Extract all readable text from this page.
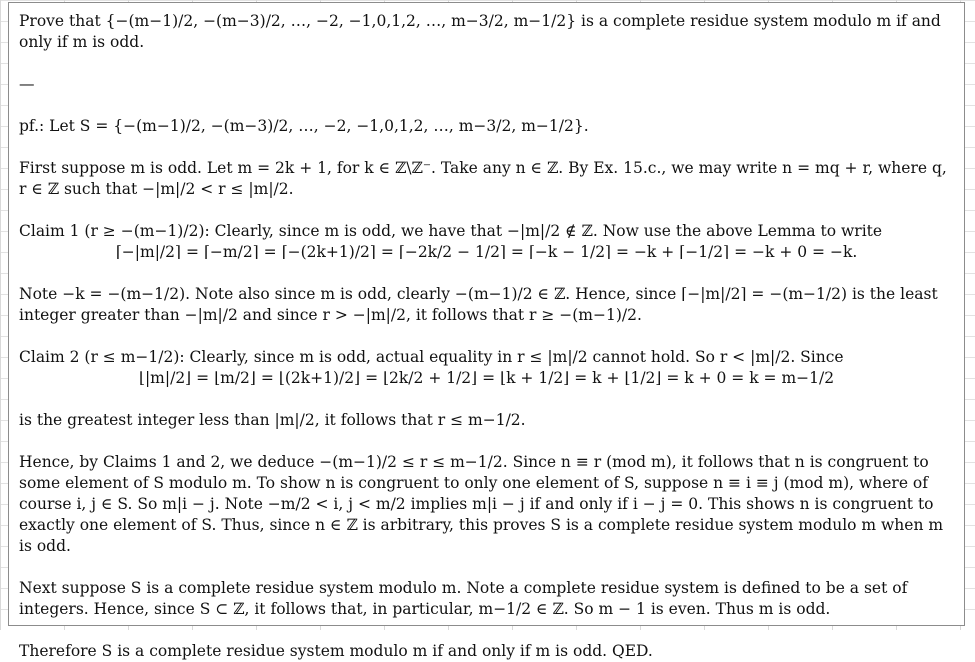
Prove that {−(m−1)/2, −(m−3)/2, …, −2, −1,0,1,2, …, m−3/2, m−1/2} is a complete residue system modulo m if and only if m is odd.

—

pf.: Let S = {−(m−1)/2, −(m−3)/2, …, −2, −1,0,1,2, …, m−3/2, m−1/2}.

First suppose m is odd. Let m = 2k + 1, for k ∈ ℤ\ℤ⁻. Take any n ∈ ℤ. By Ex. 15.c., we may write n = mq + r, where q, r ∈ ℤ such that −|m|/2 < r ≤ |m|/2.

Claim 1 (r ≥ −(m−1)/2): Clearly, since m is odd, we have that −|m|/2 ∉ ℤ. Now use the above Lemma to write

⌈−|m|/2⌉ = ⌈−m/2⌉ = ⌈−(2k+1)/2⌉ = ⌈−2k/2 − 1/2⌉ = ⌈−k − 1/2⌉ = −k + ⌈−1/2⌉ = −k + 0 = −k.

Note −k = −(m−1/2). Note also since m is odd, clearly −(m−1)/2 ∈ ℤ. Hence, since ⌈−|m|/2⌉ = −(m−1/2) is the least integer greater than −|m|/2 and since r > −|m|/2, it follows that r ≥ −(m−1)/2.

Claim 2 (r ≤ m−1/2): Clearly, since m is odd, actual equality in r ≤ |m|/2 cannot hold. So r < |m|/2. Since

⌊|m|/2⌋ = ⌊m/2⌋ = ⌊(2k+1)/2⌋ = ⌊2k/2 + 1/2⌋ = ⌊k + 1/2⌋ = k + ⌊1/2⌋ = k + 0 = k = m−1/2

is the greatest integer less than |m|/2, it follows that r ≤ m−1/2.

Hence, by Claims 1 and 2, we deduce −(m−1)/2 ≤ r ≤ m−1/2. Since n ≡ r (mod m), it follows that n is congruent to some element of S modulo m. To show n is congruent to only one element of S, suppose n ≡ i ≡ j (mod m), where of course i, j ∈ S. So m|i − j. Note −m/2 < i, j < m/2 implies m|i − j if and only if i − j = 0. This shows n is congruent to exactly one element of S. Thus, since n ∈ ℤ is arbitrary, this proves S is a complete residue system modulo m when m is odd.

Next suppose S is a complete residue system modulo m. Note a complete residue system is defined to be a set of integers. Hence, since S ⊂ ℤ, it follows that, in particular, m−1/2 ∈ ℤ. So m − 1 is even. Thus m is odd.

Therefore S is a complete residue system modulo m if and only if m is odd. QED.
